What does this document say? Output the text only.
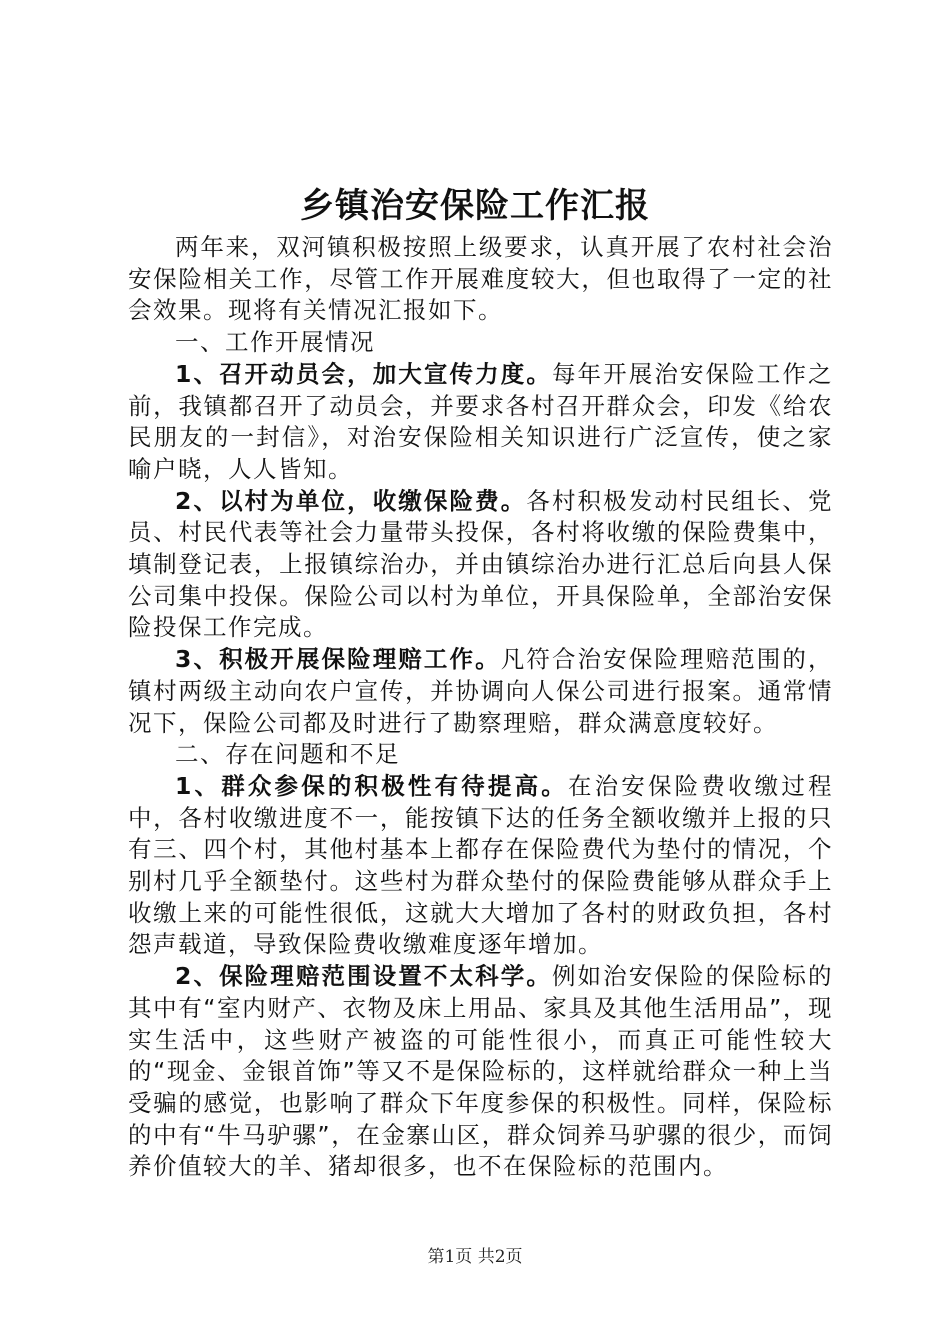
乡镇治安保险工作汇报

两年来，双河镇积极按照上级要求，认真开展了农村社会治安保险相关工作，尽管工作开展难度较大，但也取得了一定的社会效果。现将有关情况汇报如下。

一、工作开展情况

1、召开动员会，加大宣传力度。每年开展治安保险工作之前，我镇都召开了动员会，并要求各村召开群众会，印发《给农民朋友的一封信》，对治安保险相关知识进行广泛宣传，使之家喻户晓，人人皆知。

2、以村为单位，收缴保险费。各村积极发动村民组长、党员、村民代表等社会力量带头投保，各村将收缴的保险费集中，填制登记表，上报镇综治办，并由镇综治办进行汇总后向县人保公司集中投保。保险公司以村为单位，开具保险单，全部治安保险投保工作完成。

3、积极开展保险理赔工作。凡符合治安保险理赔范围的，镇村两级主动向农户宣传，并协调向人保公司进行报案。通常情况下，保险公司都及时进行了勘察理赔，群众满意度较好。

二、存在问题和不足

1、群众参保的积极性有待提高。在治安保险费收缴过程中，各村收缴进度不一，能按镇下达的任务全额收缴并上报的只有三、四个村，其他村基本上都存在保险费代为垫付的情况，个别村几乎全额垫付。这些村为群众垫付的保险费能够从群众手上收缴上来的可能性很低，这就大大增加了各村的财政负担，各村怨声载道，导致保险费收缴难度逐年增加。

2、保险理赔范围设置不太科学。例如治安保险的保险标的其中有“室内财产、衣物及床上用品、家具及其他生活用品”，现实生活中，这些财产被盗的可能性很小，而真正可能性较大的“现金、金银首饰”等又不是保险标的，这样就给群众一种上当受骗的感觉，也影响了群众下年度参保的积极性。同样，保险标的中有“牛马驴骡”，在金寨山区，群众饲养马驴骡的很少，而饲养价值较大的羊、猪却很多，也不在保险标的范围内。

第1页 共2页
